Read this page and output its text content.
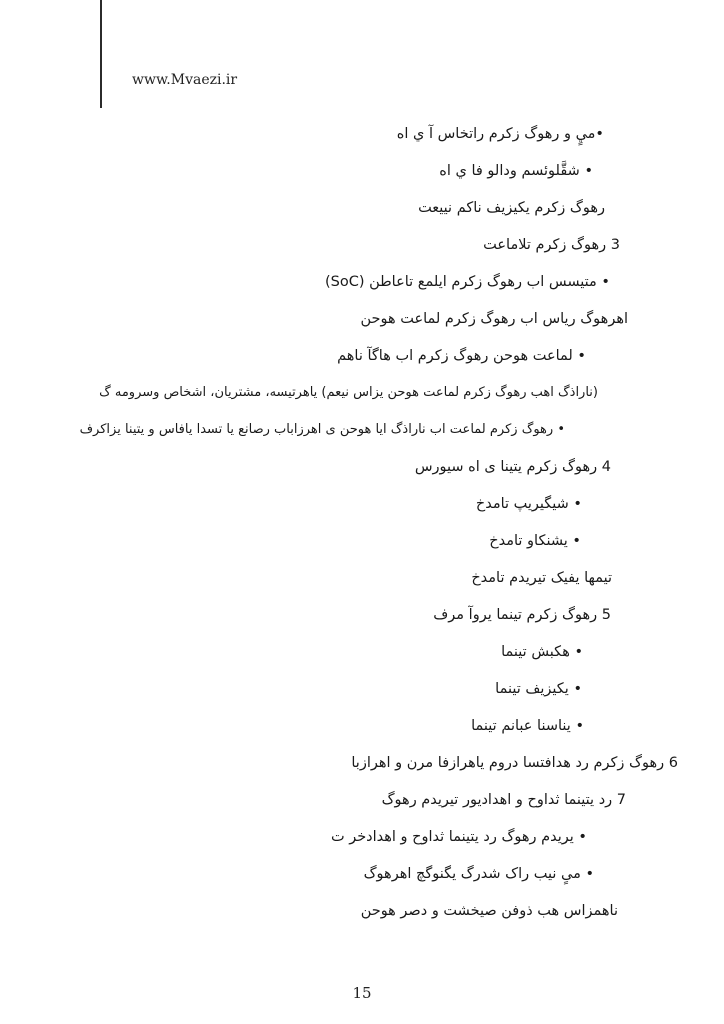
www.Mvaezi.ir
•ميٍ و رهوگ زکرم راتخاس آ ي اه
• شقَّلوئسم ودالو فا ي اه
رهوگ زکرم یکیزیف ناکم نییعت
3 رهوگ زکرم تلاماعت
• متیسس اب رهوگ زکرم ایلمع تاعاطن (SoC)
اهرهوگ ریاس اب رهوگ زکرم لماعت هوحن
• لماعت هوحن رهوگ زکرم اب هاگآ ناهم
(ناراذگ اهب رهوگ زکرم لماعت هوحن یزاس نیعم) یاهرتیسه، مشتریان، اشخاص وسرومه گ
• رهوگ زکرم لماعت اب ناراذگ ایا هوحن ی اهرزاباب رصانع یا تسدا یافاس و یتینا یزاکرف
4 رهوگ زکرم یتینا ی اه سیورس
• شیگیریپ تامدخ
• یشنکاو تامدخ
تیمها یفیک تیریدم تامدخ
5 رهوگ زکرم تینما یروآ مرف
• هکبش تینما
• یکیزیف تینما
• یناسنا عبانم تینما
6 رهوگ زکرم رد هدافتسا دروم یاهرازفا مرن و اهرازبا
7 رد یتینما ثداوح و اهدادیور تیریدم رهوگ
• یریدم رهوگ رد یتینما ثداوح و اهدادخر ت
• میٍ نیب راک شدرگ یگنوگچ اهرهوگ
ناهمزاس هب ذوفن صیخشت و دصر هوحن
15
